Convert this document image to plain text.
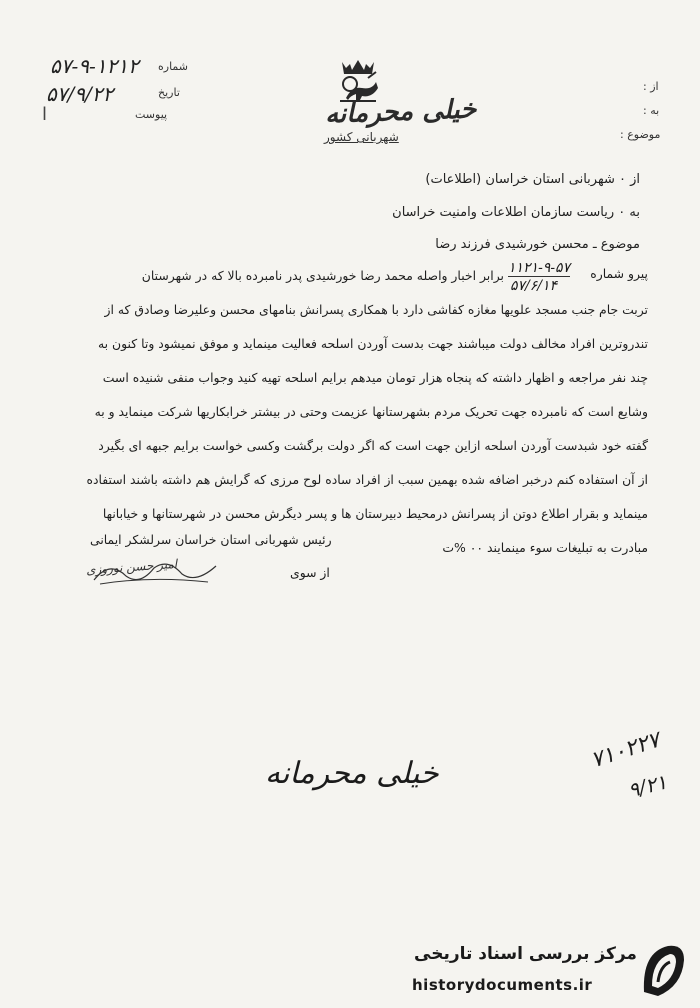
۵۷-۹-۱۲۱۲ شماره
۵۷/۹/۲۲	تاریخ
پیوست
ا	خیلی محرمانه
شهربانی کشور
از :
به :
موضوع :
از ۰ شهربانی استان خراسان (اطلاعات)
به ۰ ریاست سازمان اطلاعات وامنیت خراسان
موضوع ـ محسن خورشیدی فرزند رضا
پیرو شماره
۱۱۲۱-۹-۵۷
۵۷/۶/۱۴
برابر اخبار واصله محمد رضا خورشیدی پدر نامبرده بالا که در شهرستان
تربت جام جنب مسجد علویها مغازه کفاشی دارد با همکاری پسرانش بنامهای محسن وعلیرضا وصادق که از
تندروترین افراد مخالف دولت میباشند جهت بدست آوردن اسلحه فعالیت مینماید و موفق نمیشود وتا کنون به
چند نفر مراجعه و اظهار داشته که پنجاه هزار تومان میدهم برایم اسلحه تهیه کنید وجواب منفی شنیده است
وشایع است که نامبرده جهت تحریک مردم بشهرستانها عزیمت وحتی در بیشتر خرابکاریها شرکت مینماید و به
گفته خود شبدست آوردن اسلحه ازاین جهت است که اگر دولت برگشت وکسی خواست برایم جبهه ای بگیرد
از آن استفاده کنم درخبر اضافه شده بهمین سبب از افراد ساده لوح مرزی که گرایش هم داشته باشند استفاده
مینماید و بقرار اطلاع دوتن از پسرانش درمحیط دبیرستان ها و پسر دیگرش محسن در شهرستانها و خیابانها
مبادرت به تبلیغات سوء مینمایند ۰۰ %ت
رئیس شهربانی استان خراسان سرلشکر ایمانی
امیر حسن نوروزی	از سوی
خیلی محرمانه
۷۱۰۲۲۷
۹/۲۱
مرکز بررسی اسناد تاریخی
historydocuments.ir
